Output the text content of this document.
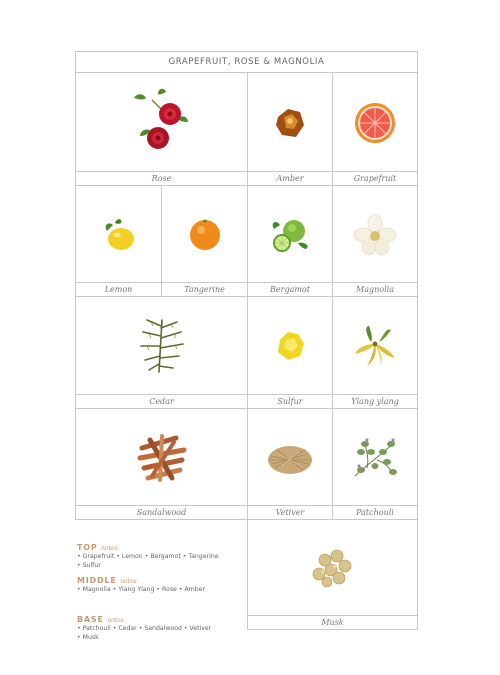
GRAPEFRUIT, ROSE & MAGNOLIA
Rose	Amber	Grapefruit
Lemon	Tangerine	Bergamot	Magnolia
Cedar	Sulfur	Ylang ylang
Sandalwood	Vetiver	Patchouli
Musk
TOP notes
• Grapefruit • Lemon • Bergamot • Tangerine
• Sulfur
MIDDLE notes
• Magnolia • Ylang Ylang • Rose • Amber
BASE notes
• Patchouli • Cedar • Sandalwood • Vetiver
• Musk
